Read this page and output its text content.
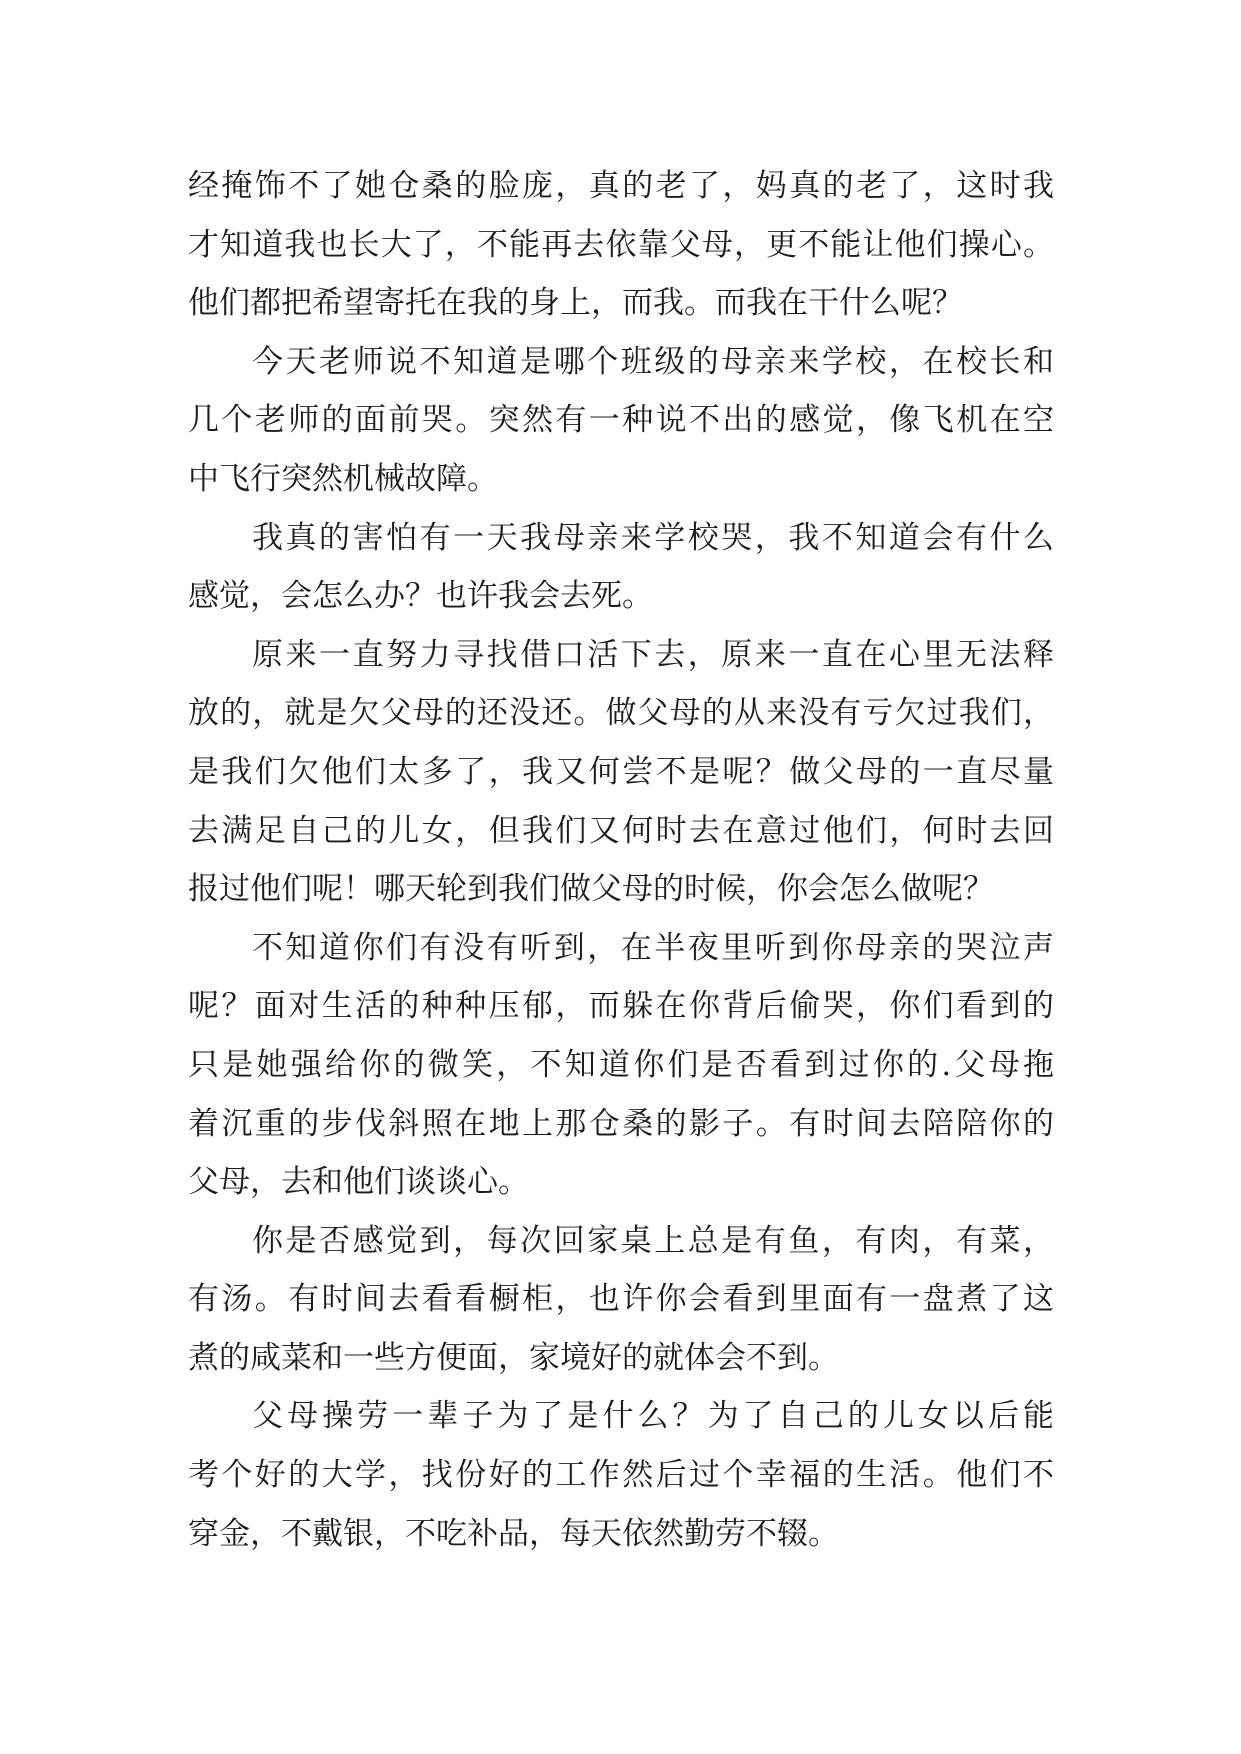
经掩饰不了她仓桑的脸庞，真的老了，妈真的老了，这时我
才知道我也长大了，不能再去依靠父母，更不能让他们操心。
他们都把希望寄托在我的身上，而我。而我在干什么呢？
今天老师说不知道是哪个班级的母亲来学校，在校长和
几个老师的面前哭。突然有一种说不出的感觉，像飞机在空
中飞行突然机械故障。
我真的害怕有一天我母亲来学校哭，我不知道会有什么
感觉，会怎么办？也许我会去死。
原来一直努力寻找借口活下去，原来一直在心里无法释
放的，就是欠父母的还没还。做父母的从来没有亏欠过我们，
是我们欠他们太多了，我又何尝不是呢？做父母的一直尽量
去满足自己的儿女，但我们又何时去在意过他们，何时去回
报过他们呢！哪天轮到我们做父母的时候，你会怎么做呢？
不知道你们有没有听到，在半夜里听到你母亲的哭泣声
呢？面对生活的种种压郁，而躲在你背后偷哭，你们看到的
只是她强给你的微笑，不知道你们是否看到过你的.父母拖
着沉重的步伐斜照在地上那仓桑的影子。有时间去陪陪你的
父母，去和他们谈谈心。
你是否感觉到，每次回家桌上总是有鱼，有肉，有菜，
有汤。有时间去看看橱柜，也许你会看到里面有一盘煮了这
煮的咸菜和一些方便面，家境好的就体会不到。
父母操劳一辈子为了是什么？为了自己的儿女以后能
考个好的大学，找份好的工作然后过个幸福的生活。他们不
穿金，不戴银，不吃补品，每天依然勤劳不辍。
